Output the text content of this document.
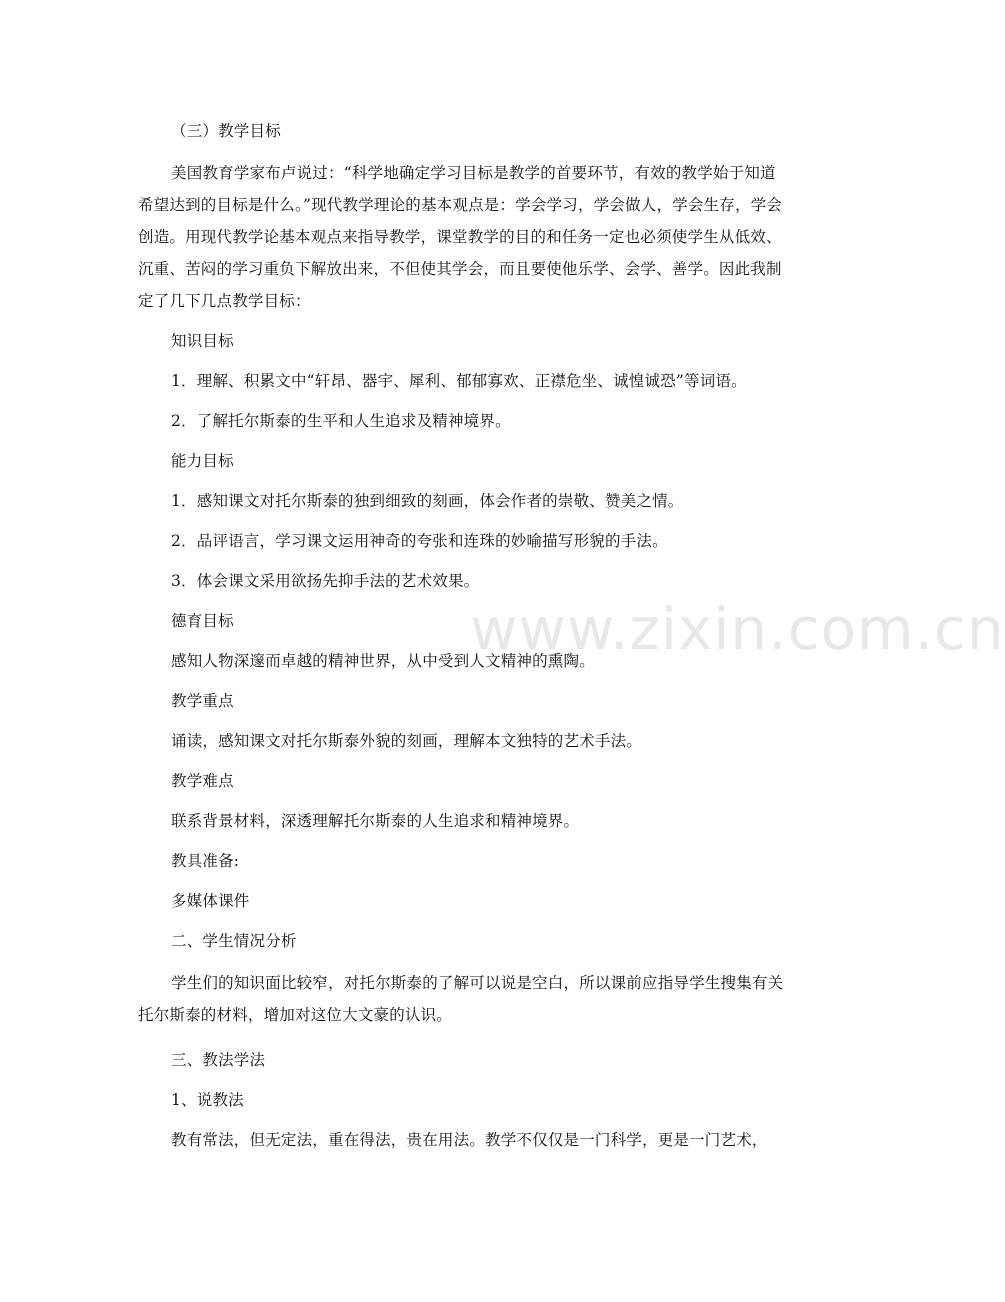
（三）教学目标

美国教育学家布卢说过：“科学地确定学习目标是教学的首要环节，有效的教学始于知道希望达到的目标是什么。”现代教学理论的基本观点是：学会学习，学会做人，学会生存，学会创造。用现代教学论基本观点来指导教学，课堂教学的目的和任务一定也必须使学生从低效、沉重、苦闷的学习重负下解放出来，不但使其学会，而且要使他乐学、会学、善学。因此我制定了几下几点教学目标：

知识目标

1．理解、积累文中“轩昂、器宇、犀利、郁郁寡欢、正襟危坐、诚惶诚恐”等词语。

2．了解托尔斯泰的生平和人生追求及精神境界。

能力目标

1．感知课文对托尔斯泰的独到细致的刻画，体会作者的崇敬、赞美之情。

2．品评语言，学习课文运用神奇的夸张和连珠的妙喻描写形貌的手法。

3．体会课文采用欲扬先抑手法的艺术效果。

德育目标

感知人物深邃而卓越的精神世界，从中受到人文精神的熏陶。

教学重点

诵读，感知课文对托尔斯泰外貌的刻画，理解本文独特的艺术手法。

教学难点

联系背景材料，深透理解托尔斯泰的人生追求和精神境界。

教具准备:

多媒体课件

二、学生情况分析

学生们的知识面比较窄，对托尔斯泰的了解可以说是空白，所以课前应指导学生搜集有关托尔斯泰的材料，增加对这位大文豪的认识。

三、教法学法

1、说教法

教有常法，但无定法，重在得法，贵在用法。教学不仅仅是一门科学，更是一门艺术，

www.zixin.com.cn
